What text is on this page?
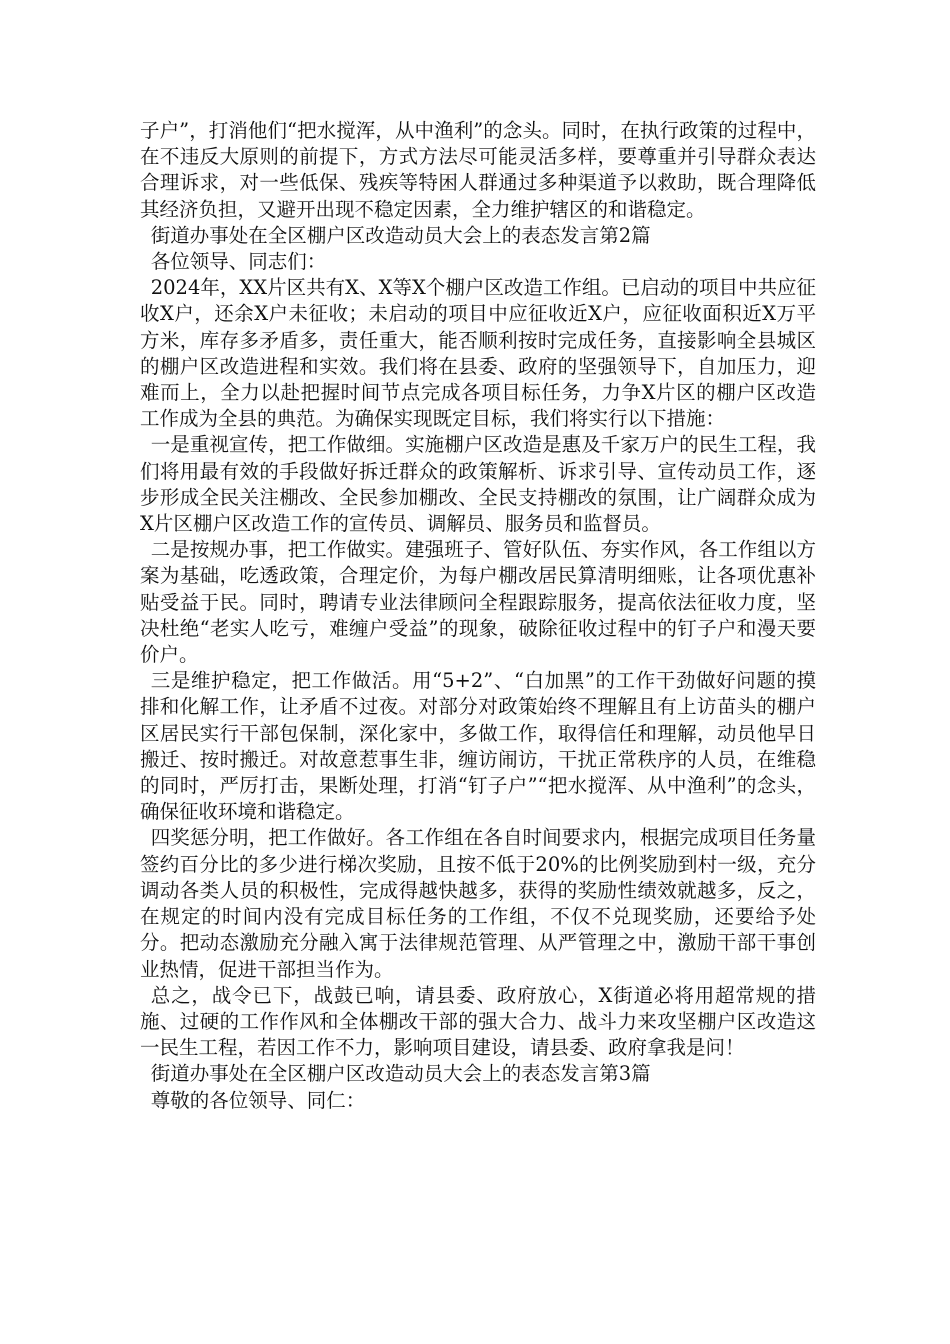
子户”，打消他们“把水搅浑，从中渔利”的念头。同时，在执行政策的过程中，在不违反大原则的前提下，方式方法尽可能灵活多样，要尊重并引导群众表达合理诉求，对一些低保、残疾等特困人群通过多种渠道予以救助，既合理降低其经济负担，又避开出现不稳定因素，全力维护辖区的和谐稳定。

街道办事处在全区棚户区改造动员大会上的表态发言第2篇

各位领导、同志们：

2024年，XX片区共有X、X等X个棚户区改造工作组。已启动的项目中共应征收X户，还余X户未征收；未启动的项目中应征收近X户，应征收面积近X万平方米，库存多矛盾多，责任重大，能否顺利按时完成任务，直接影响全县城区的棚户区改造进程和实效。我们将在县委、政府的坚强领导下，自加压力，迎难而上，全力以赴把握时间节点完成各项目标任务，力争X片区的棚户区改造工作成为全县的典范。为确保实现既定目标，我们将实行以下措施：

一是重视宣传，把工作做细。实施棚户区改造是惠及千家万户的民生工程，我们将用最有效的手段做好拆迁群众的政策解析、诉求引导、宣传动员工作，逐步形成全民关注棚改、全民参加棚改、全民支持棚改的氛围，让广阔群众成为X片区棚户区改造工作的宣传员、调解员、服务员和监督员。

二是按规办事，把工作做实。建强班子、管好队伍、夯实作风，各工作组以方案为基础，吃透政策，合理定价，为每户棚改居民算清明细账，让各项优惠补贴受益于民。同时，聘请专业法律顾问全程跟踪服务，提高依法征收力度，坚决杜绝“老实人吃亏，难缠户受益”的现象，破除征收过程中的钉子户和漫天要价户。

三是维护稳定，把工作做活。用“5+2”、“白加黑”的工作干劲做好问题的摸排和化解工作，让矛盾不过夜。对部分对政策始终不理解且有上访苗头的棚户区居民实行干部包保制，深化家中，多做工作，取得信任和理解，动员他早日搬迁、按时搬迁。对故意惹事生非，缠访闹访，干扰正常秩序的人员，在维稳的同时，严厉打击，果断处理，打消“钉子户”“把水搅浑、从中渔利”的念头，确保征收环境和谐稳定。

四奖惩分明，把工作做好。各工作组在各自时间要求内，根据完成项目任务量签约百分比的多少进行梯次奖励，且按不低于20%的比例奖励到村一级，充分调动各类人员的积极性，完成得越快越多，获得的奖励性绩效就越多，反之，在规定的时间内没有完成目标任务的工作组，不仅不兑现奖励，还要给予处分。把动态激励充分融入寓于法律规范管理、从严管理之中，激励干部干事创业热情，促进干部担当作为。

总之，战令已下，战鼓已响，请县委、政府放心，X街道必将用超常规的措施、过硬的工作作风和全体棚改干部的强大合力、战斗力来攻坚棚户区改造这一民生工程，若因工作不力，影响项目建设，请县委、政府拿我是问！

街道办事处在全区棚户区改造动员大会上的表态发言第3篇

尊敬的各位领导、同仁：
